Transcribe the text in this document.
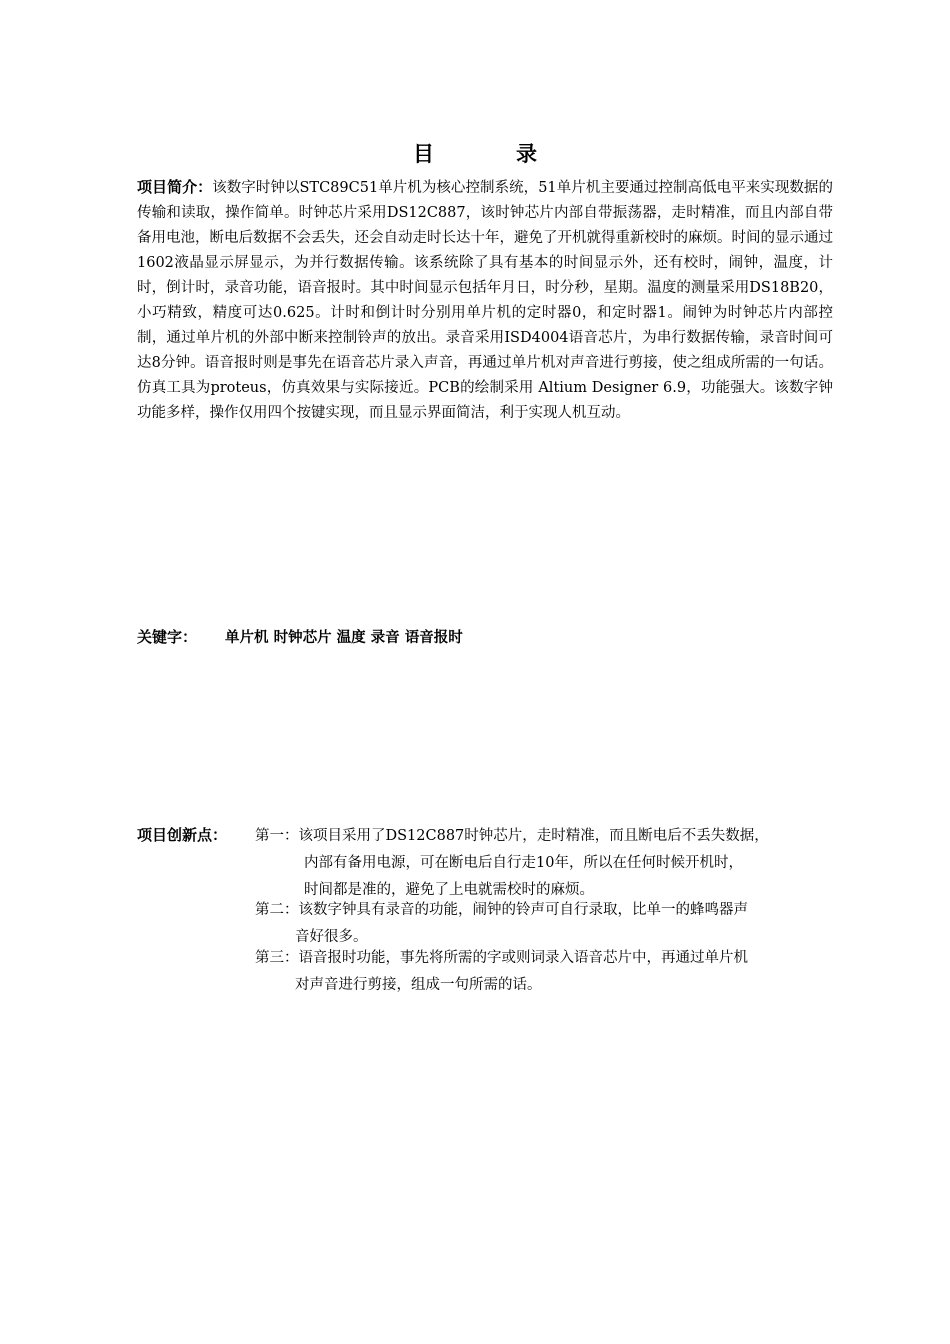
目录
项目简介：该数字时钟以STC89C51单片机为核心控制系统，51单片机主要通过控制高低电平来实现数据的传输和读取，操作简单。时钟芯片采用DS12C887，该时钟芯片内部自带振荡器，走时精准，而且内部自带备用电池，断电后数据不会丢失，还会自动走时长达十年，避免了开机就得重新校时的麻烦。时间的显示通过1602液晶显示屏显示，为并行数据传输。该系统除了具有基本的时间显示外，还有校时，闹钟，温度，计时，倒计时，录音功能，语音报时。其中时间显示包括年月日，时分秒，星期。温度的测量采用DS18B20，小巧精致，精度可达0.625。计时和倒计时分别用单片机的定时器0，和定时器1。闹钟为时钟芯片内部控制，通过单片机的外部中断来控制铃声的放出。录音采用ISD4004语音芯片，为串行数据传输，录音时间可达8分钟。语音报时则是事先在语音芯片录入声音，再通过单片机对声音进行剪接，使之组成所需的一句话。仿真工具为proteus，仿真效果与实际接近。PCB的绘制采用 Altium Designer 6.9，功能强大。该数字钟功能多样，操作仅用四个按键实现，而且显示界面简洁，利于实现人机互动。
关键字： 单片机 时钟芯片 温度 录音 语音报时
项目创新点： 第一：该项目采用了DS12C887时钟芯片，走时精准，而且断电后不丢失数据，
内部有备用电源，可在断电后自行走10年，所以在任何时候开机时，
时间都是准的，避免了上电就需校时的麻烦。
第二：该数字钟具有录音的功能，闹钟的铃声可自行录取，比单一的蜂鸣器声
音好很多。
第三：语音报时功能，事先将所需的字或则词录入语音芯片中，再通过单片机
对声音进行剪接，组成一句所需的话。
